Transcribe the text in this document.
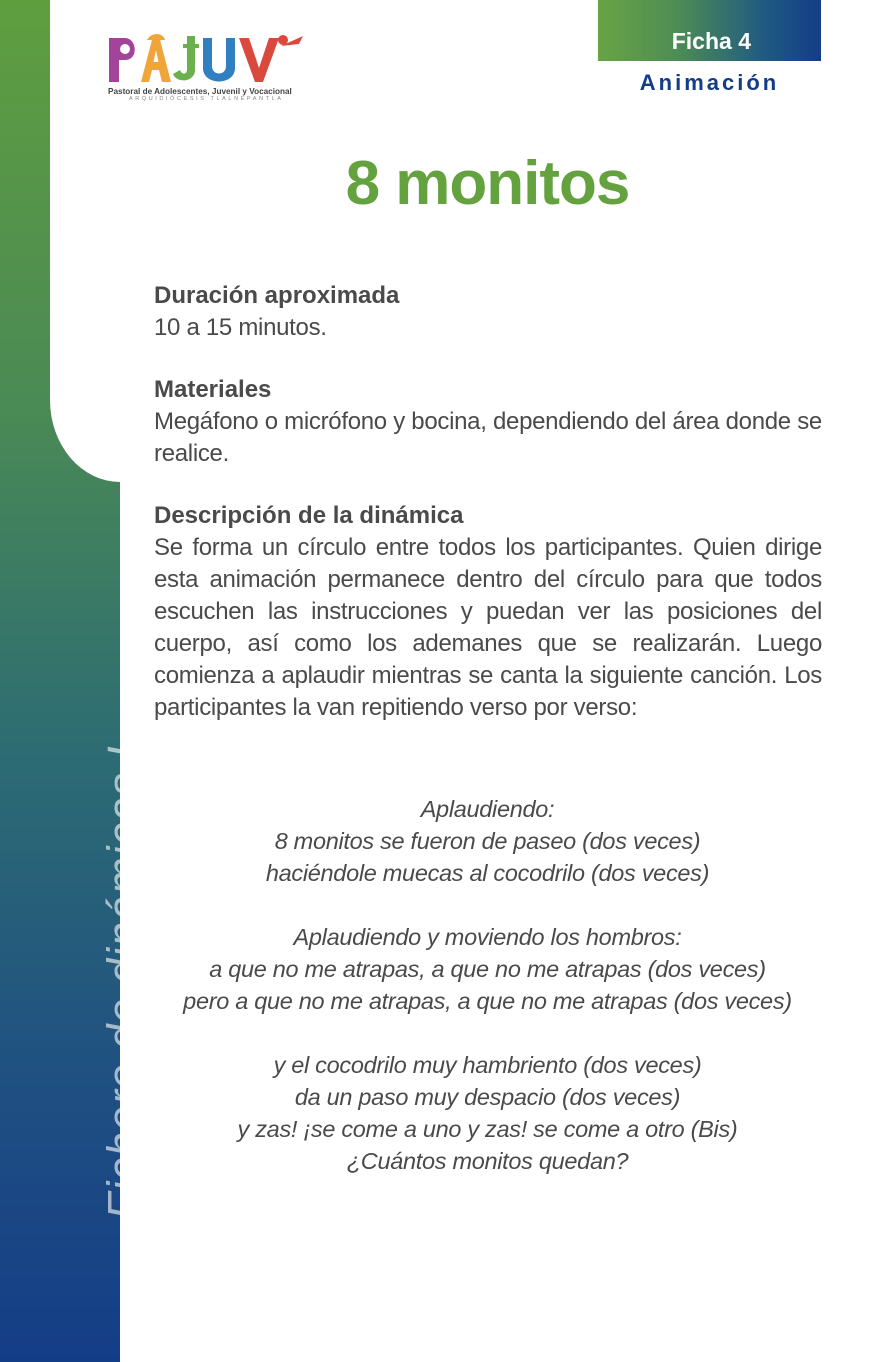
Fichero de dinámicas I
Pastoral de Adolescentes, Juvenil y Vocacional
ARQUIDIÓCESIS TLALNEPANTLA
Ficha 4
Animación
8 monitos
Duración aproximada
10 a 15 minutos.
Materiales
Megáfono o micrófono y bocina, dependiendo del área donde se realice.
Descripción de la dinámica
Se forma un círculo entre todos los participantes. Quien dirige esta animación permanece dentro del círculo para que todos escuchen las instrucciones y puedan ver las posiciones del cuerpo, así como los ademanes que se realizarán. Luego comienza a aplaudir mientras se canta la siguiente canción. Los participantes la van repitiendo verso por verso:
Aplaudiendo:
8 monitos se fueron de paseo (dos veces)
haciéndole muecas al cocodrilo (dos veces)
Aplaudiendo y moviendo los hombros:
a que no me atrapas, a que no me atrapas (dos veces)
pero a que no me atrapas, a que no me atrapas (dos veces)
y el cocodrilo muy hambriento (dos veces)
da un paso muy despacio (dos veces)
y zas! ¡se come a uno y zas! se come a otro (Bis)
¿Cuántos monitos quedan?
